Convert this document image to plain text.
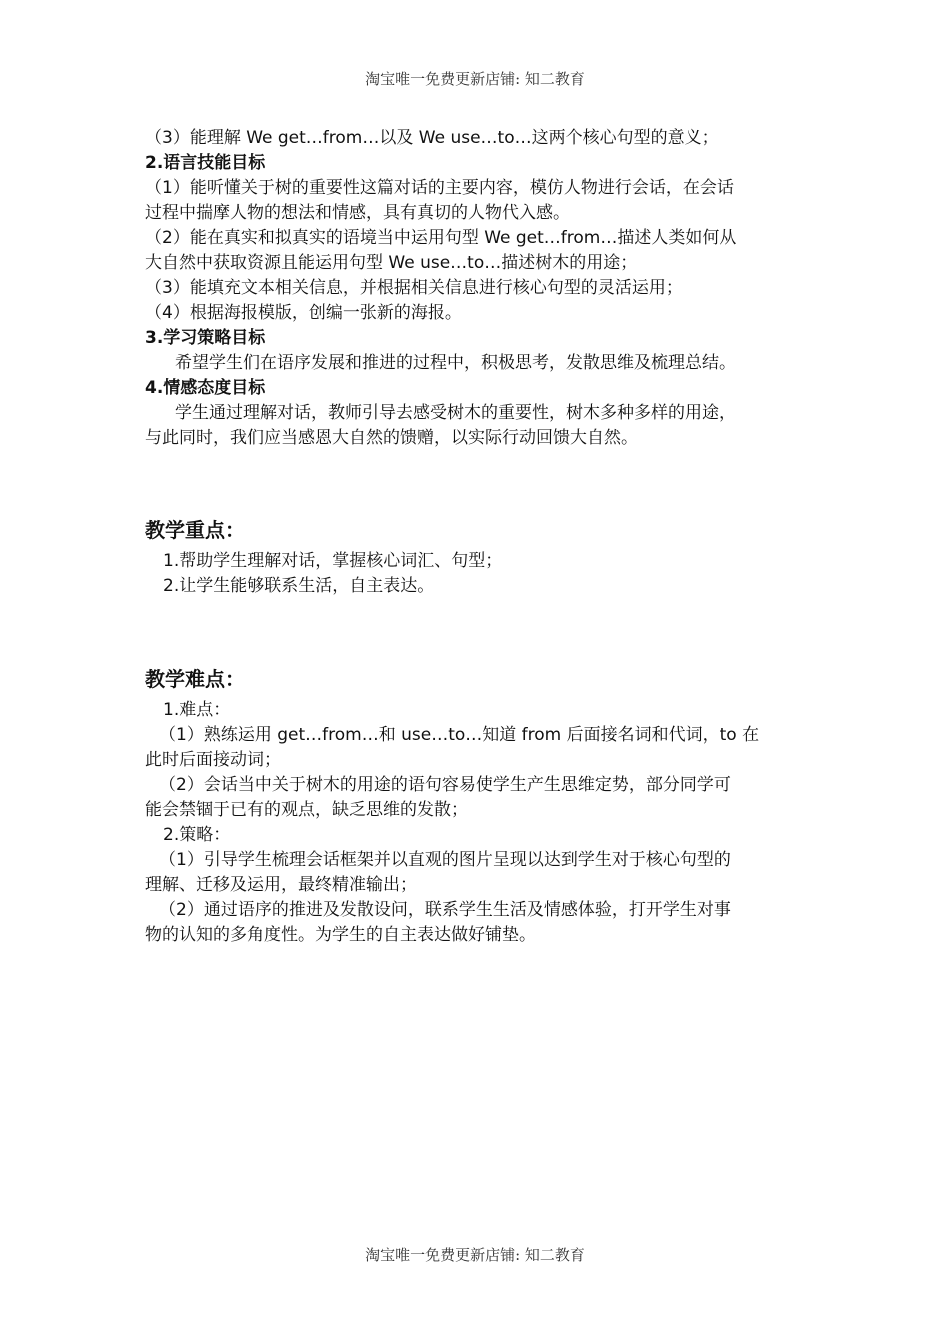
淘宝唯一免费更新店铺: 知二教育

（3）能理解 We get…from…以及 We use…to…这两个核心句型的意义；

2.语言技能目标

（1）能听懂关于树的重要性这篇对话的主要内容，模仿人物进行会话，在会话

过程中揣摩人物的想法和情感，具有真切的人物代入感。

（2）能在真实和拟真实的语境当中运用句型 We get…from…描述人类如何从

大自然中获取资源且能运用句型 We use…to…描述树木的用途；

（3）能填充文本相关信息，并根据相关信息进行核心句型的灵活运用；

（4）根据海报模版，创编一张新的海报。

3.学习策略目标

希望学生们在语序发展和推进的过程中，积极思考，发散思维及梳理总结。

4.情感态度目标

学生通过理解对话，教师引导去感受树木的重要性，树木多种多样的用途，

与此同时，我们应当感恩大自然的馈赠，以实际行动回馈大自然。

教学重点：

1.帮助学生理解对话，掌握核心词汇、句型；

2.让学生能够联系生活，自主表达。

教学难点：

1.难点：

（1）熟练运用 get…from…和 use…to…知道 from 后面接名词和代词，to 在

此时后面接动词；

（2）会话当中关于树木的用途的语句容易使学生产生思维定势，部分同学可

能会禁锢于已有的观点，缺乏思维的发散；

2.策略：

（1）引导学生梳理会话框架并以直观的图片呈现以达到学生对于核心句型的

理解、迁移及运用，最终精准输出；

（2）通过语序的推进及发散设问，联系学生生活及情感体验，打开学生对事

物的认知的多角度性。为学生的自主表达做好铺垫。

淘宝唯一免费更新店铺: 知二教育
